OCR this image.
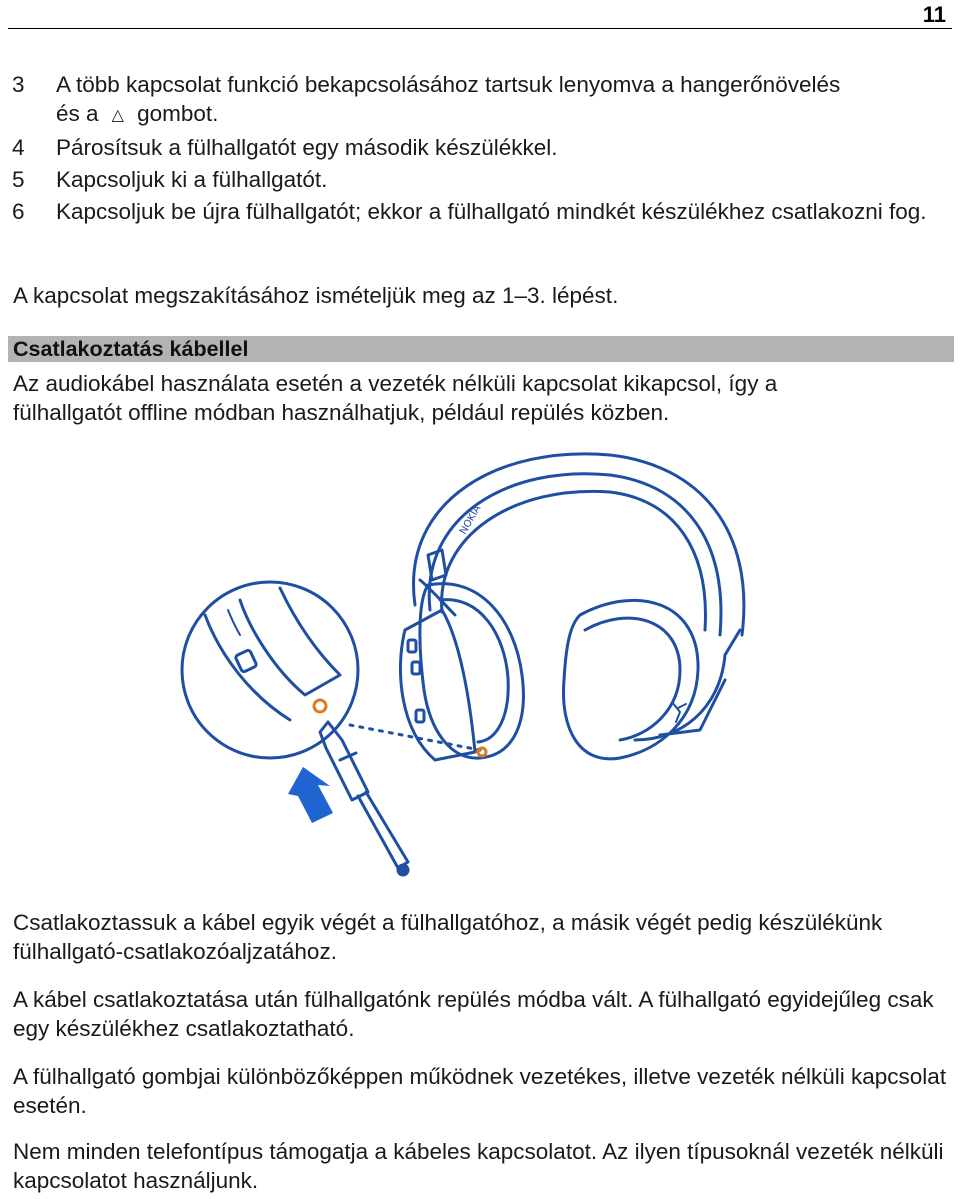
11
3	A több kapcsolat funkció bekapcsolásához tartsuk lenyomva a hangerőnövelés
és a △ gombot.
4	Párosítsuk a fülhallgatót egy második készülékkel.
5	Kapcsoljuk ki a fülhallgatót.
6	Kapcsoljuk be újra fülhallgatót; ekkor a fülhallgató mindkét készülékhez csatlakozni fog.
A kapcsolat megszakításához ismételjük meg az 1–3. lépést.
Csatlakoztatás kábellel
Az audiokábel használata esetén a vezeték nélküli kapcsolat kikapcsol, így a fülhallgatót offline módban használhatjuk, például repülés közben.
NOKIA
Csatlakoztassuk a kábel egyik végét a fülhallgatóhoz, a másik végét pedig készülékünk fülhallgató-csatlakozóaljzatához.
A kábel csatlakoztatása után fülhallgatónk repülés módba vált. A fülhallgató egyidejűleg csak egy készülékhez csatlakoztatható.
A fülhallgató gombjai különbözőképpen működnek vezetékes, illetve vezeték nélküli kapcsolat esetén.
Nem minden telefontípus támogatja a kábeles kapcsolatot. Az ilyen típusoknál vezeték nélküli kapcsolatot használjunk.
